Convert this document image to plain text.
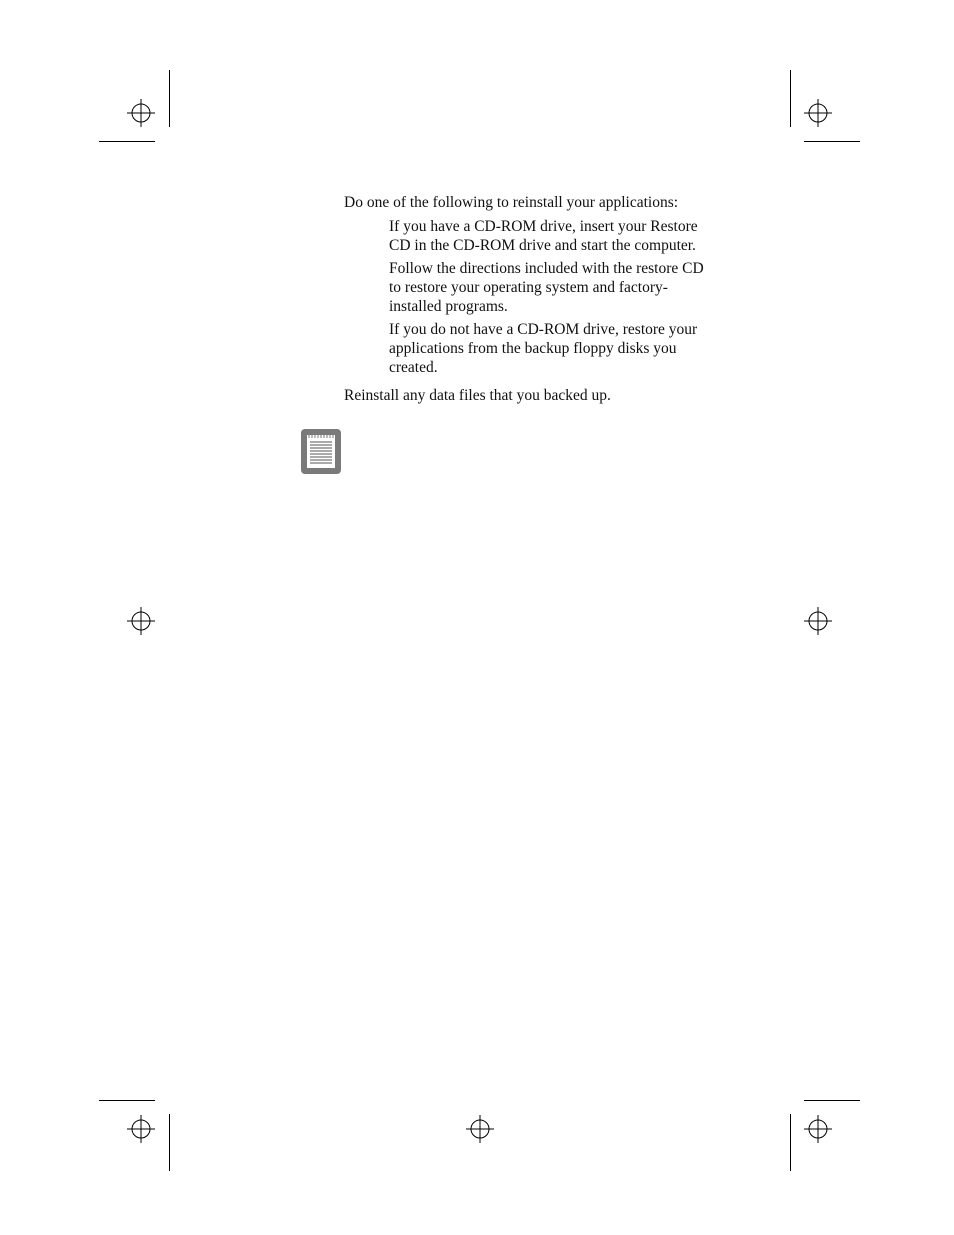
Do one of the following to reinstall your applications:
If you have a CD-ROM drive, insert your Restore
CD in the CD-ROM drive and start the computer.
Follow the directions included with the restore CD
to restore your operating system and factory-
installed programs.
If you do not have a CD-ROM drive, restore your
applications from the backup floppy disks you
created.
Reinstall any data files that you backed up.
